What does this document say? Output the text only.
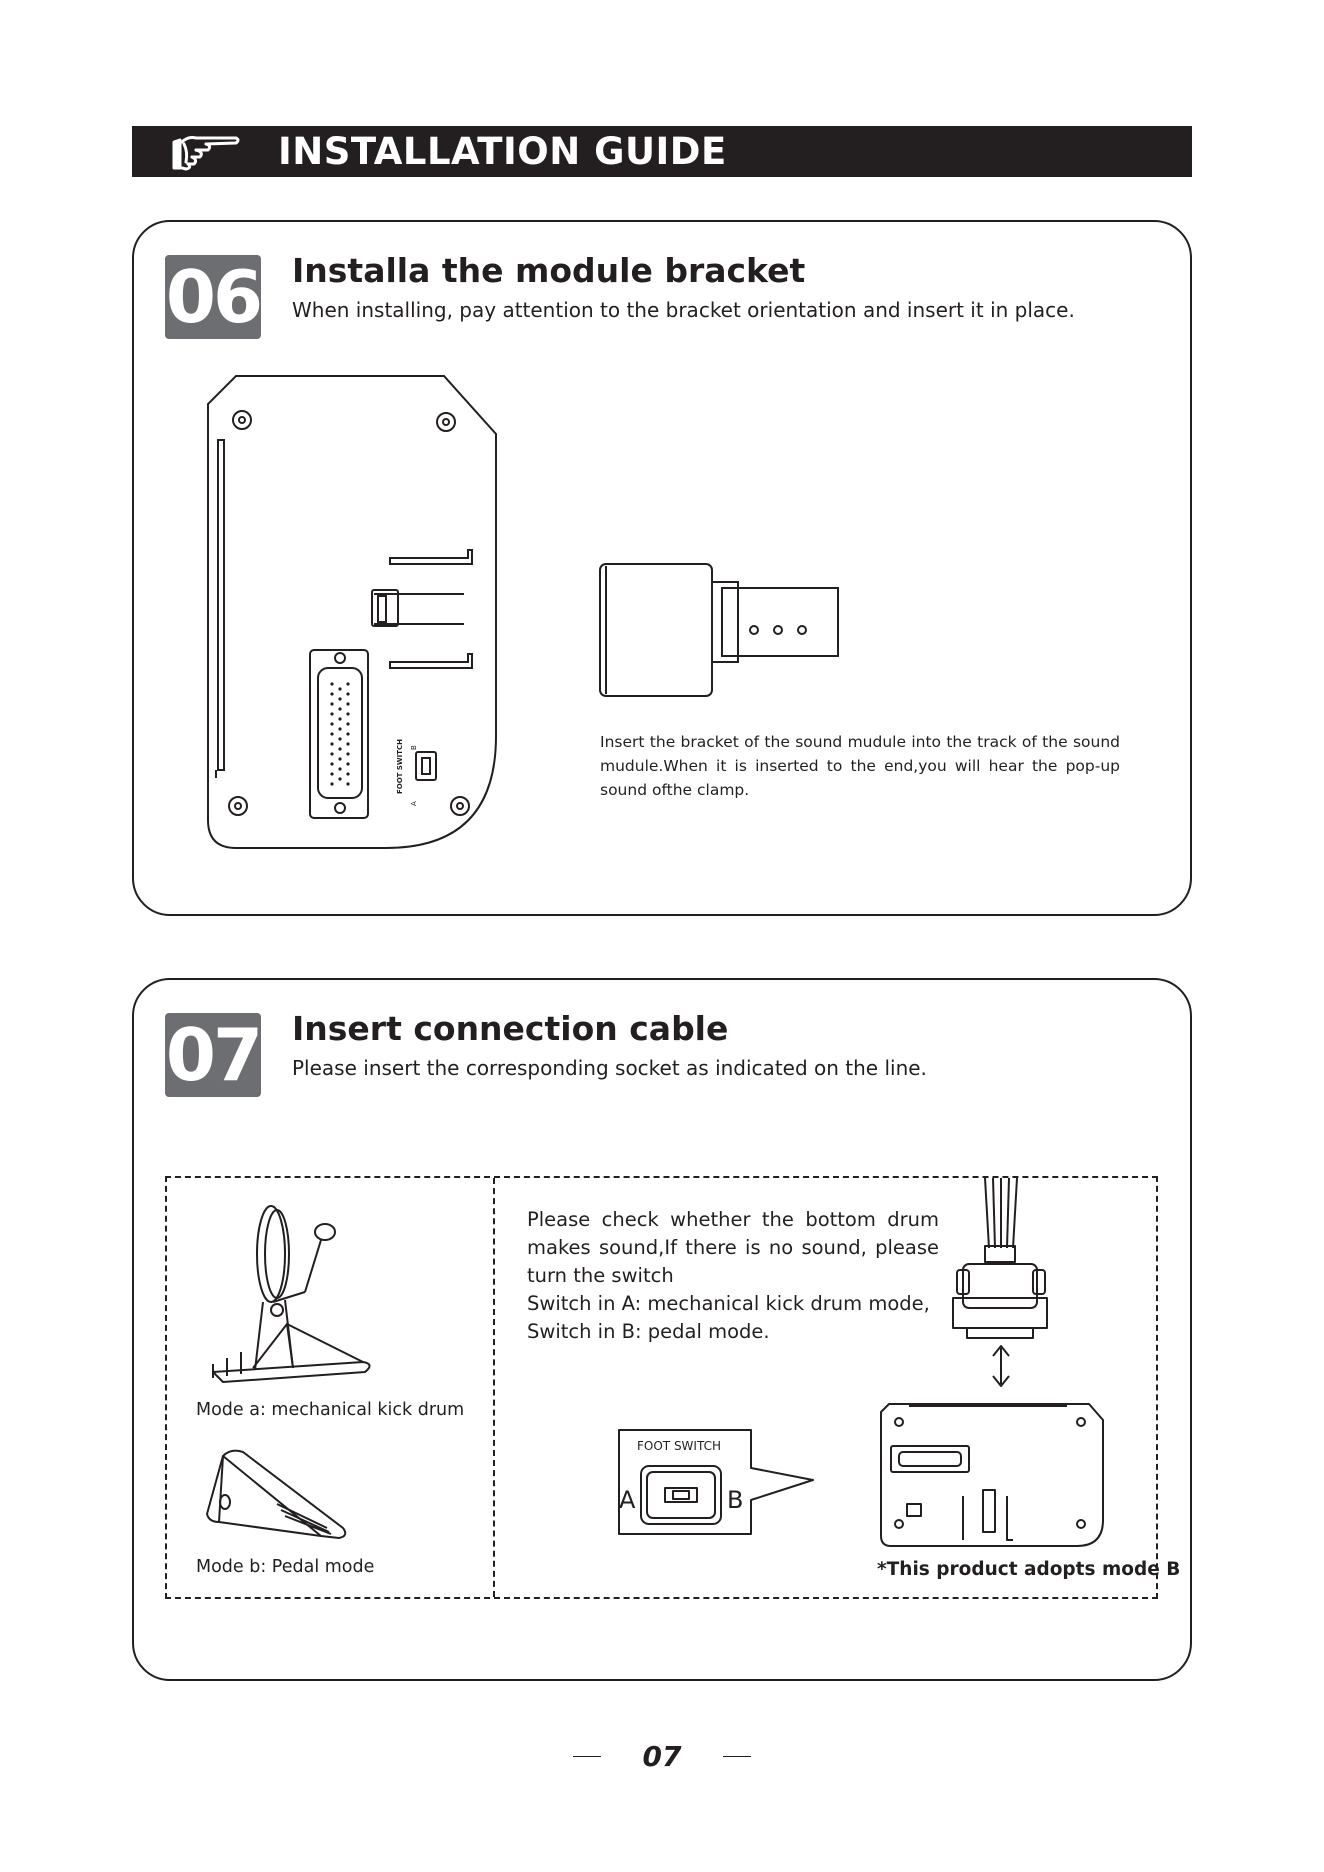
INSTALLATION GUIDE
06 Installa the module bracket
When installing, pay attention to the bracket orientation and insert it in place.
FOOT SWITCH
A
B	Insert the bracket of the sound mudule into the track of the sound mudule.When it is inserted to the end,you will hear the pop-up sound ofthe clamp.
07 Insert connection cable
Please insert the corresponding socket as indicated on the line.
Mode a: mechanical kick drum
Mode b: Pedal mode
Please check whether the bottom drum
makes sound,If there is no sound, please
turn the switch
Switch in A: mechanical kick drum mode,
Switch in B: pedal mode.
FOOT SWITCH
A	B
*This product adopts mode B
07
